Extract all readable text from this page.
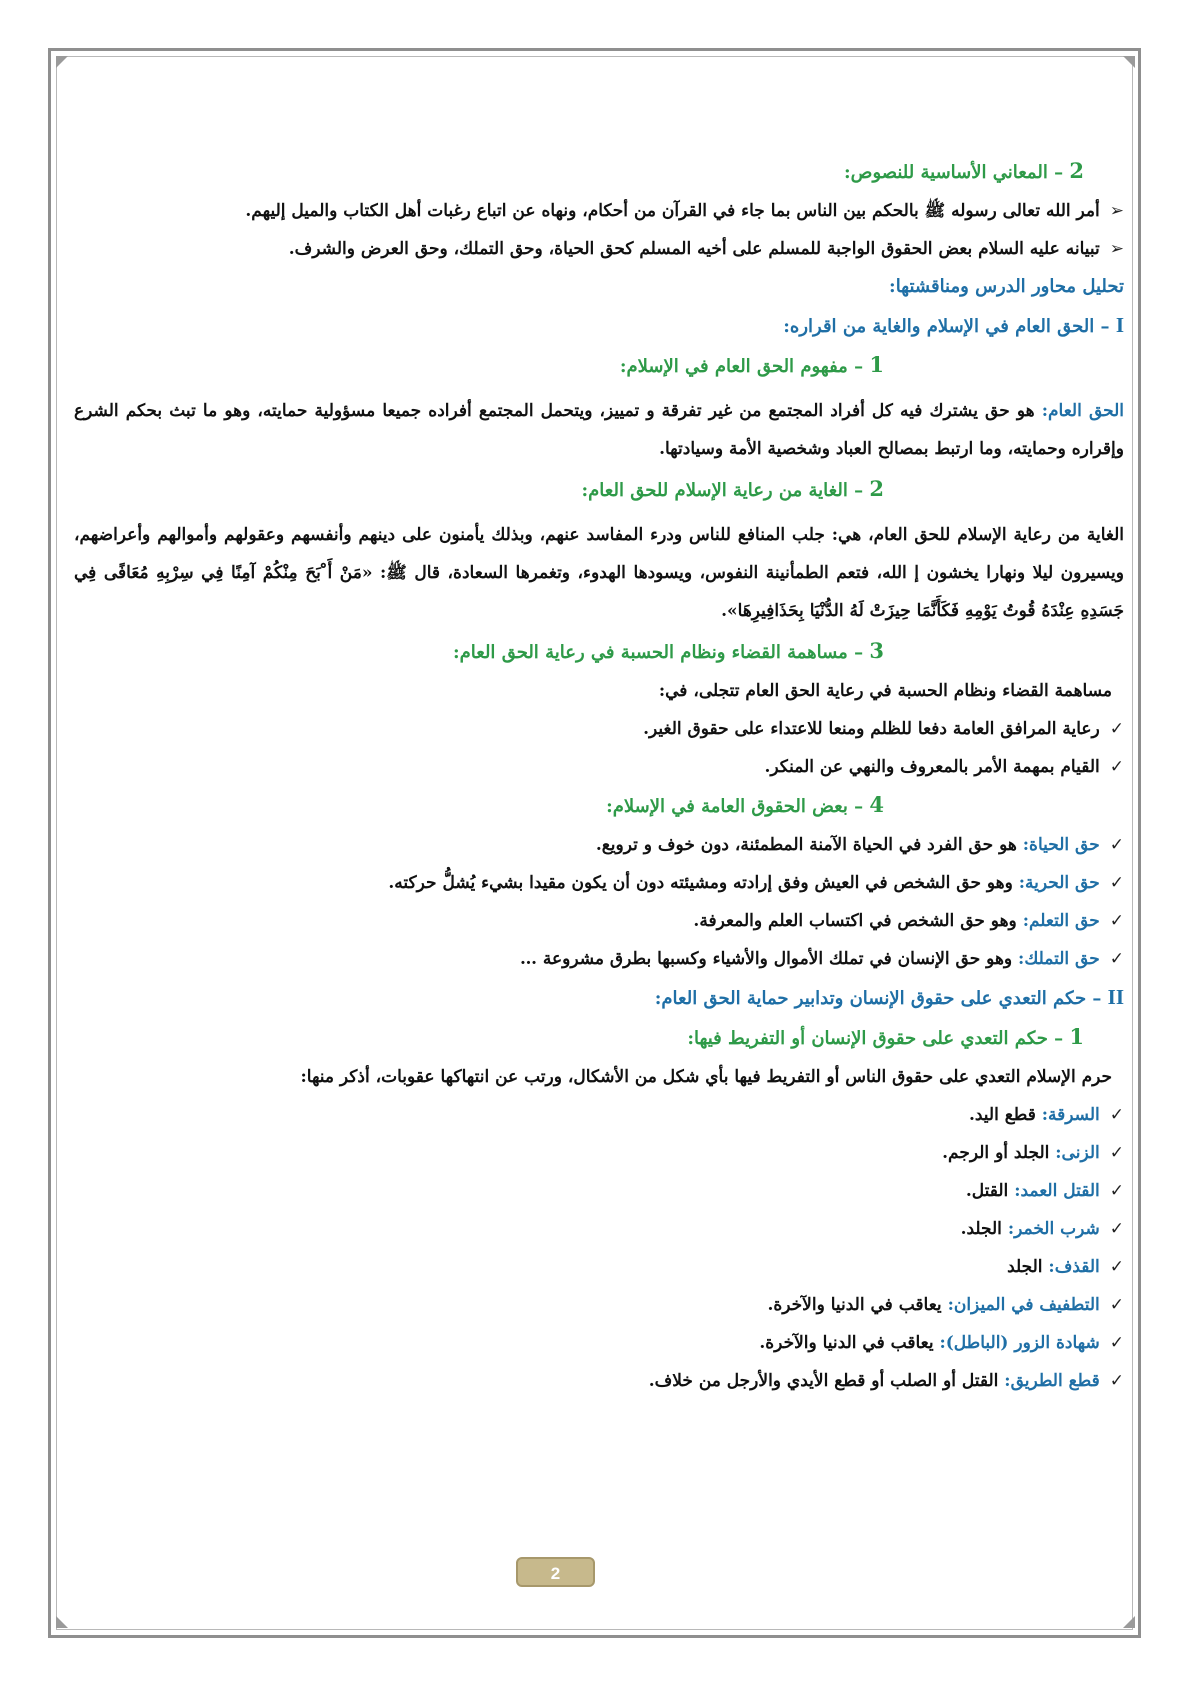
2 – المعاني الأساسية للنصوص:
➢
أمر الله تعالى رسوله ﷺ بالحكم بين الناس بما جاء في القرآن من أحكام، ونهاه عن اتباع رغبات أهل الكتاب والميل إليهم.
➢
تبيانه عليه السلام بعض الحقوق الواجبة للمسلم على أخيه المسلم كحق الحياة، وحق التملك، وحق العرض والشرف.
تحليل محاور الدرس ومناقشتها:
I – الحق العام في الإسلام والغاية من اقراره:
1 – مفهوم الحق العام في الإسلام:

الحق العام: هو حق يشترك فيه كل أفراد المجتمع من غير تفرقة و تمييز، ويتحمل المجتمع أفراده جميعا مسؤولية حمايته، وهو ما تبث بحكم الشرع وإقراره وحمايته، وما ارتبط بمصالح العباد وشخصية الأمة وسيادتها.

2 – الغاية من رعاية الإسلام للحق العام:

الغاية من رعاية الإسلام للحق العام، هي: جلب المنافع للناس ودرء المفاسد عنهم، وبذلك يأمنون على دينهم وأنفسهم وعقولهم وأموالهم وأعراضهم، ويسيرون ليلا ونهارا يخشون إ الله، فتعم الطمأنينة النفوس، ويسودها الهدوء، وتغمرها السعادة، قال ﷺ: «مَنْ أَ ْبَحَ مِنْكُمْ آمِنًا فِي سِرْبِهِ مُعَافًى فِي جَسَدِهِ عِنْدَهُ قُوتُ يَوْمِهِ فَكَأَنَّمَا حِيزَتْ لَهُ الدُّنْيَا بِحَذَافِيرِهَا».

3 – مساهمة القضاء ونظام الحسبة في رعاية الحق العام:
مساهمة القضاء ونظام الحسبة في رعاية الحق العام تتجلى، في:
✓
رعاية المرافق العامة دفعا للظلم ومنعا للاعتداء على حقوق الغير.
✓
القيام بمهمة الأمر بالمعروف والنهي عن المنكر.
4 – بعض الحقوق العامة في الإسلام:
✓
حق الحياة: هو حق الفرد في الحياة الآمنة المطمئنة، دون خوف و ترويع.
✓
حق الحرية: وهو حق الشخص في العيش وفق إرادته ومشيئته دون أن يكون مقيدا بشيء يُشلُّ حركته.
✓
حق التعلم: وهو حق الشخص في اكتساب العلم والمعرفة.
✓
حق التملك: وهو حق الإنسان في تملك الأموال والأشياء وكسبها بطرق مشروعة …
II – حكم التعدي على حقوق الإنسان وتدابير حماية الحق العام:
1 – حكم التعدي على حقوق الإنسان أو التفريط فيها:
حرم الإسلام التعدي على حقوق الناس أو التفريط فيها بأي شكل من الأشكال، ورتب عن انتهاكها عقوبات، أذكر منها:
✓
السرقة: قطع اليد.
✓
الزنى: الجلد أو الرجم.
✓
القتل العمد: القتل.
✓
شرب الخمر: الجلد.
✓
القذف: الجلد
✓
التطفيف في الميزان: يعاقب في الدنيا والآخرة.
✓
شهادة الزور (الباطل): يعاقب في الدنيا والآخرة.
✓
قطع الطريق: القتل أو الصلب أو قطع الأيدي والأرجل من خلاف.
2
